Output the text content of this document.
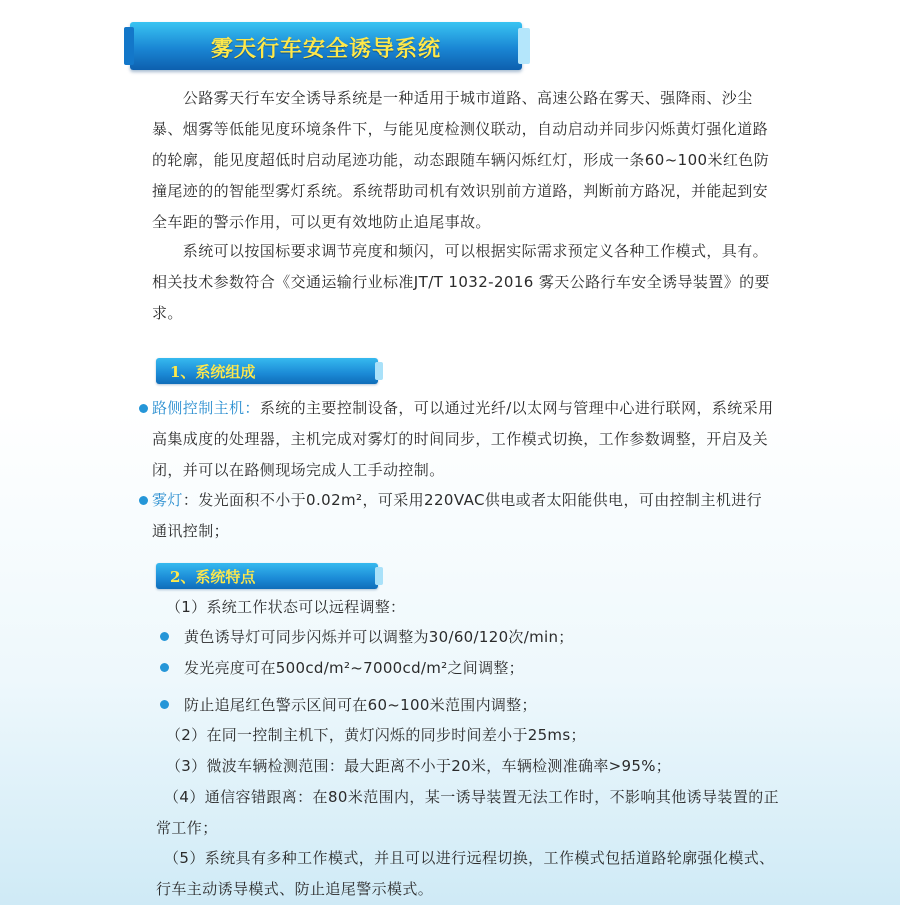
雾天行车安全诱导系统

　　公路雾天行车安全诱导系统是一种适用于城市道路、高速公路在雾天、强降雨、沙尘暴、烟雾等低能见度环境条件下，与能见度检测仪联动，自动启动并同步闪烁黄灯强化道路的轮廓，能见度超低时启动尾迹功能，动态跟随车辆闪烁红灯，形成一条60~100米红色防撞尾迹的的智能型雾灯系统。系统帮助司机有效识别前方道路，判断前方路况，并能起到安全车距的警示作用，可以更有效地防止追尾事故。

　　系统可以按国标要求调节亮度和频闪，可以根据实际需求预定义各种工作模式，具有。相关技术参数符合《交通运输行业标准JT/T 1032-2016 雾天公路行车安全诱导装置》的要求。

1、系统组成

路侧控制主机：系统的主要控制设备，可以通过光纤/以太网与管理中心进行联网，系统采用高集成度的处理器，主机完成对雾灯的时间同步，工作模式切换，工作参数调整，开启及关闭，并可以在路侧现场完成人工手动控制。

雾灯：发光面积不小于0.02m²，可采用220VAC供电或者太阳能供电，可由控制主机进行通讯控制；

2、系统特点
（1）系统工作状态可以远程调整：
黄色诱导灯可同步闪烁并可以调整为30/60/120次/min；
发光亮度可在500cd/m²~7000cd/m²之间调整；
防止追尾红色警示区间可在60~100米范围内调整；
（2）在同一控制主机下，黄灯闪烁的同步时间差小于25ms；
（3）微波车辆检测范围：最大距离不小于20米，车辆检测准确率>95%；

（4）通信容错跟离：在80米范围内，某一诱导装置无法工作时，不影响其他诱导装置的正常工作；

（5）系统具有多种工作模式，并且可以进行远程切换，工作模式包括道路轮廓强化模式、行车主动诱导模式、防止追尾警示模式。
